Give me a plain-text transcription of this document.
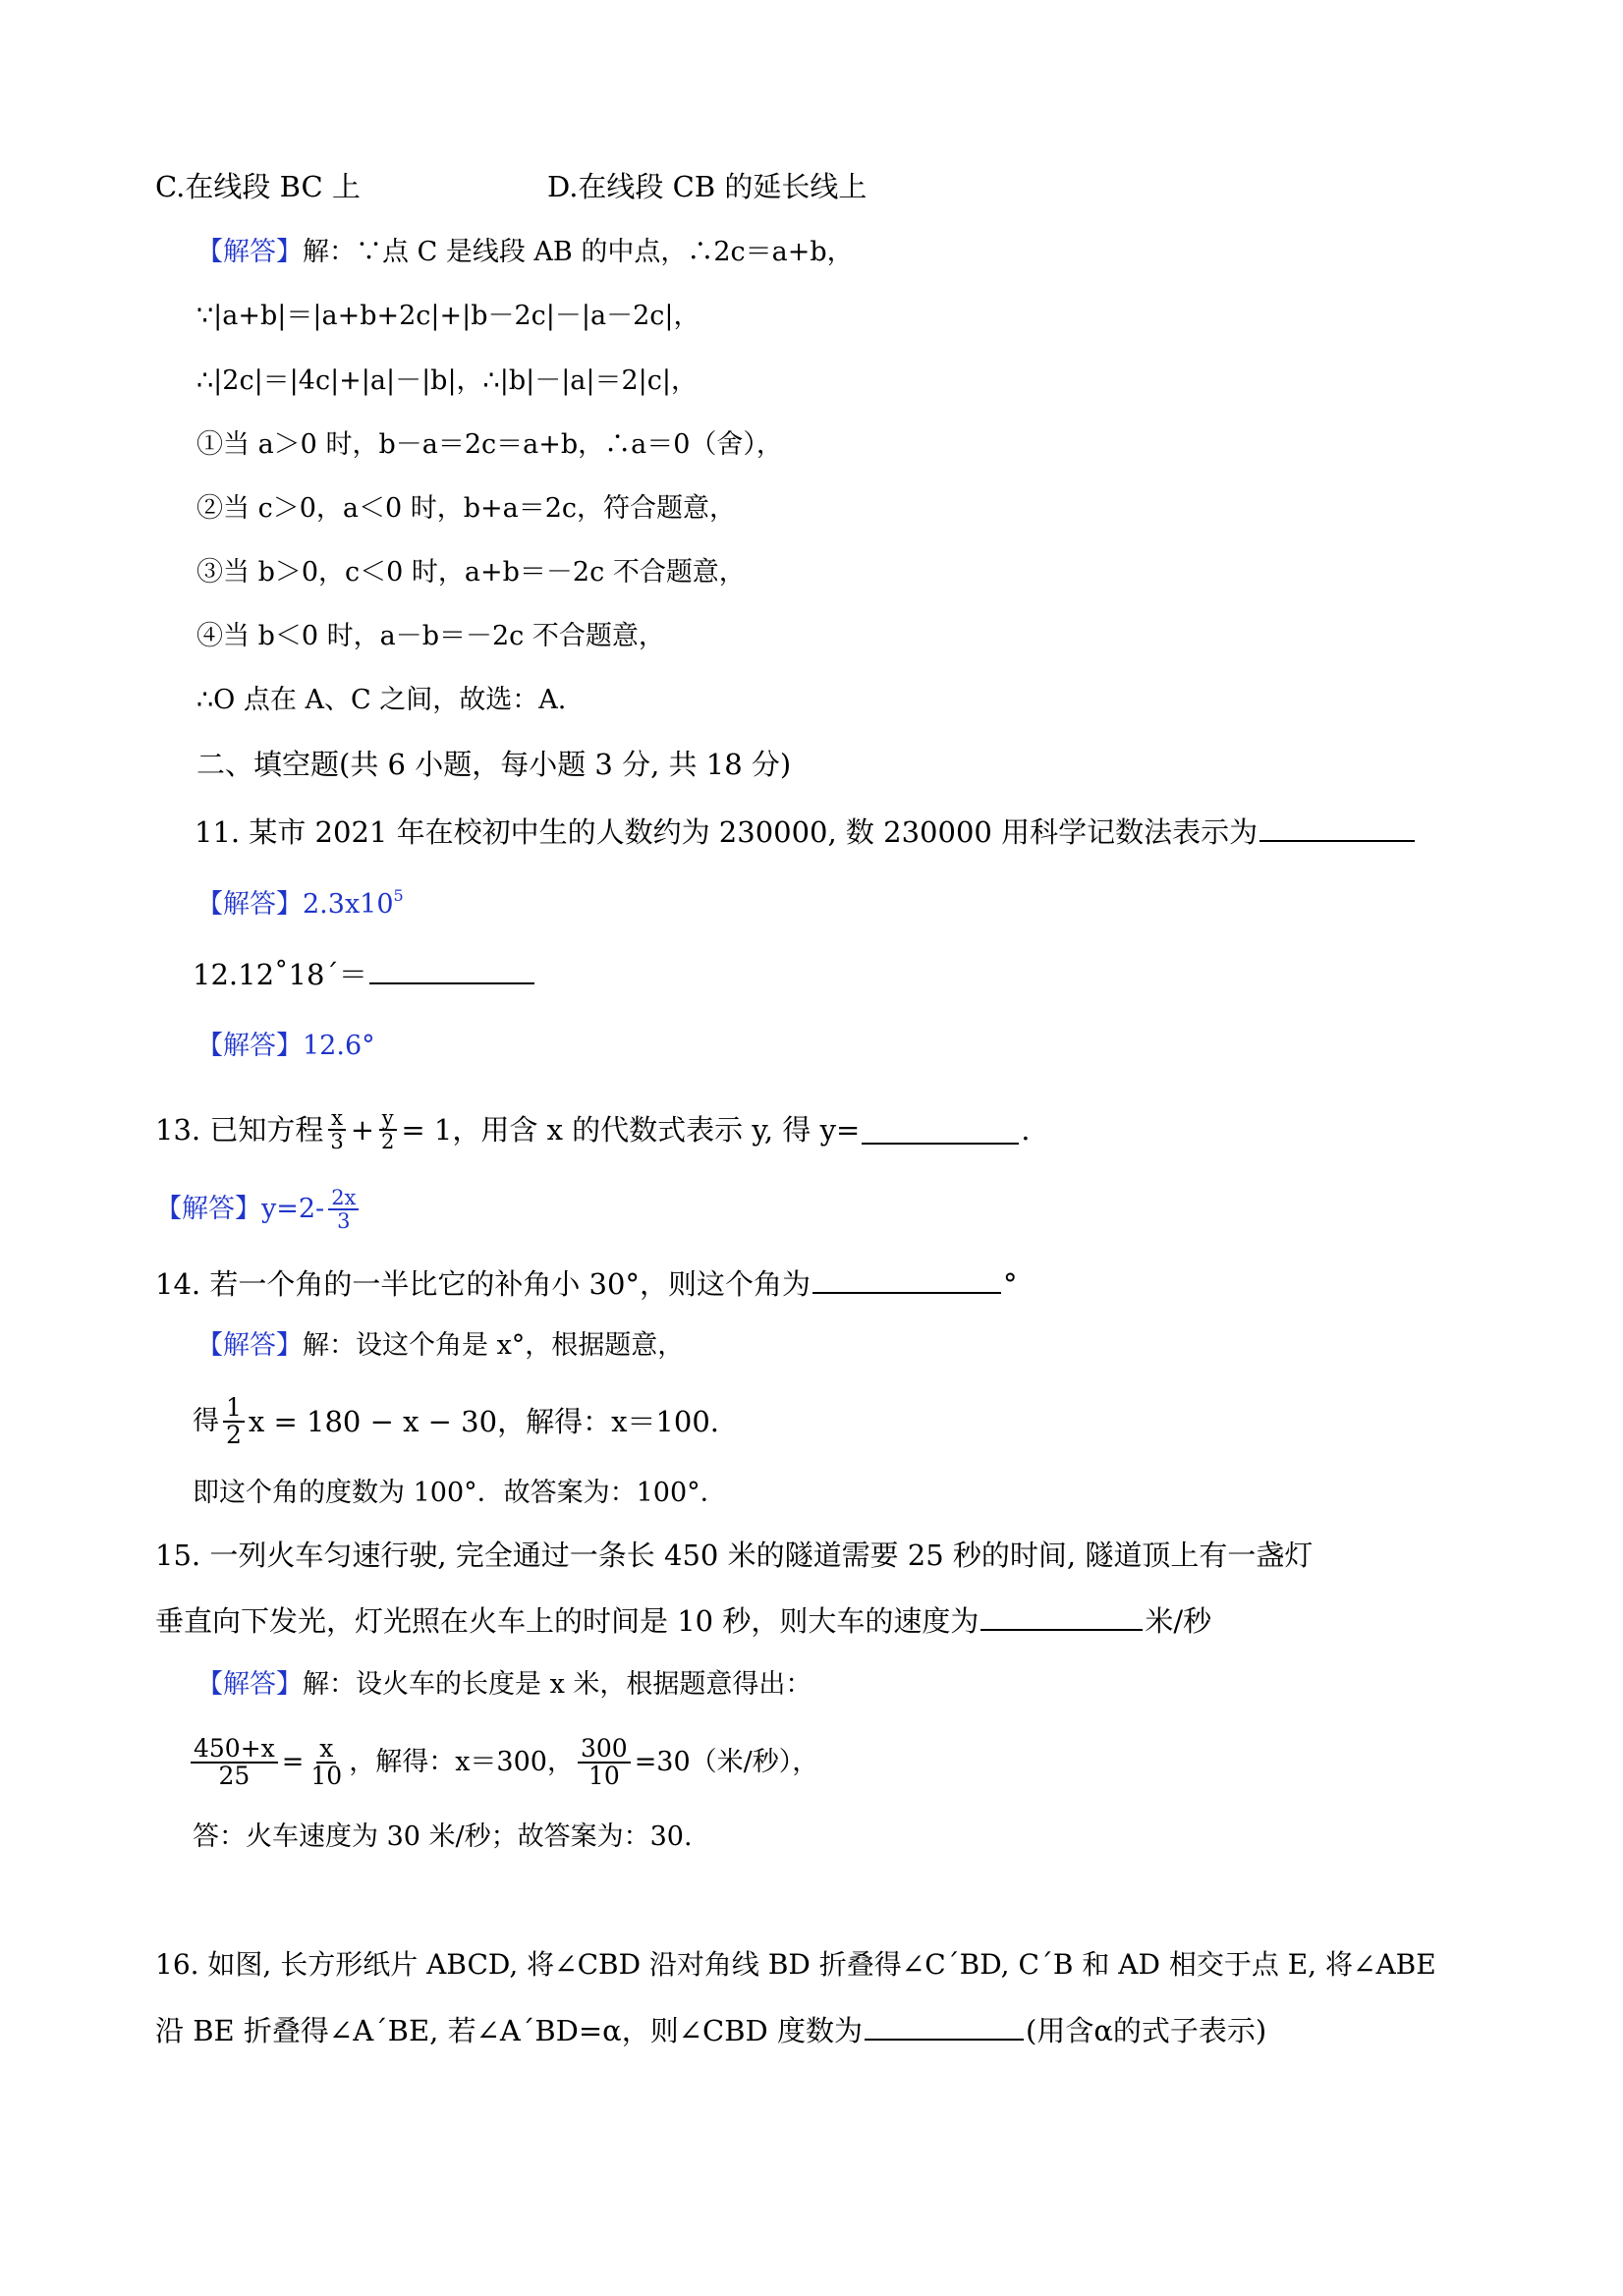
C.在线段 BC 上	D.在线段 CB 的延长线上
【解答】解：∵点 C 是线段 AB 的中点，∴2c＝a+b，
∵|a+b|＝|a+b+2c|+|b－2c|－|a－2c|，
∴|2c|＝|4c|+|a|－|b|，∴|b|－|a|＝2|c|，
①当 a＞0 时，b－a＝2c＝a+b，∴a＝0（舍），
②当 c＞0，a＜0 时，b+a＝2c，符合题意，
③当 b＞0，c＜0 时，a+b＝－2c 不合题意，
④当 b＜0 时，a－b＝－2c 不合题意，
∴O 点在 A、C 之间，故选：A.
二、填空题(共 6 小题，每小题 3 分, 共 18 分)
11. 某市 2021 年在校初中生的人数约为 230000, 数 230000 用科学记数法表示为
【解答】$2.3x10^5$
12.12˚18ˊ＝
【解答】12.6°
13. 已知方程 $\frac{x}{3} + \frac{y}{2} = 1$，用含 x 的代数式表示 y, 得 y=	.
【解答】 $y=2- \frac{2x}{3}$
14. 若一个角的一半比它的补角小 30°，则这个角为	°
【解答】解：设这个角是 x°，根据题意，
得 $\frac{1}{2}$ x = 180 − x − 30，解得：x＝100.
即这个角的度数为 100°．故答案为：100°．
15. 一列火车匀速行驶, 完全通过一条长 450 米的隧道需要 25 秒的时间, 隧道顶上有一盏灯
垂直向下发光，灯光照在火车上的时间是 10 秒，则大车的速度为	米/秒
【解答】解：设火车的长度是 x 米，根据题意得出：
$\frac{450+x}{25} = \frac{x}{10}$ ，解得：x＝300， $\frac{300}{10} =30$（米/秒），
答：火车速度为 30 米/秒；故答案为：30.
16. 如图, 长方形纸片 ABCD, 将∠CBD 沿对角线 BD 折叠得∠CˊBD, CˊB 和 AD 相交于点 E, 将∠ABE
沿 BE 折叠得∠AˊBE, 若∠AˊBD=α，则∠CBD 度数为	(用含α的式子表示)
